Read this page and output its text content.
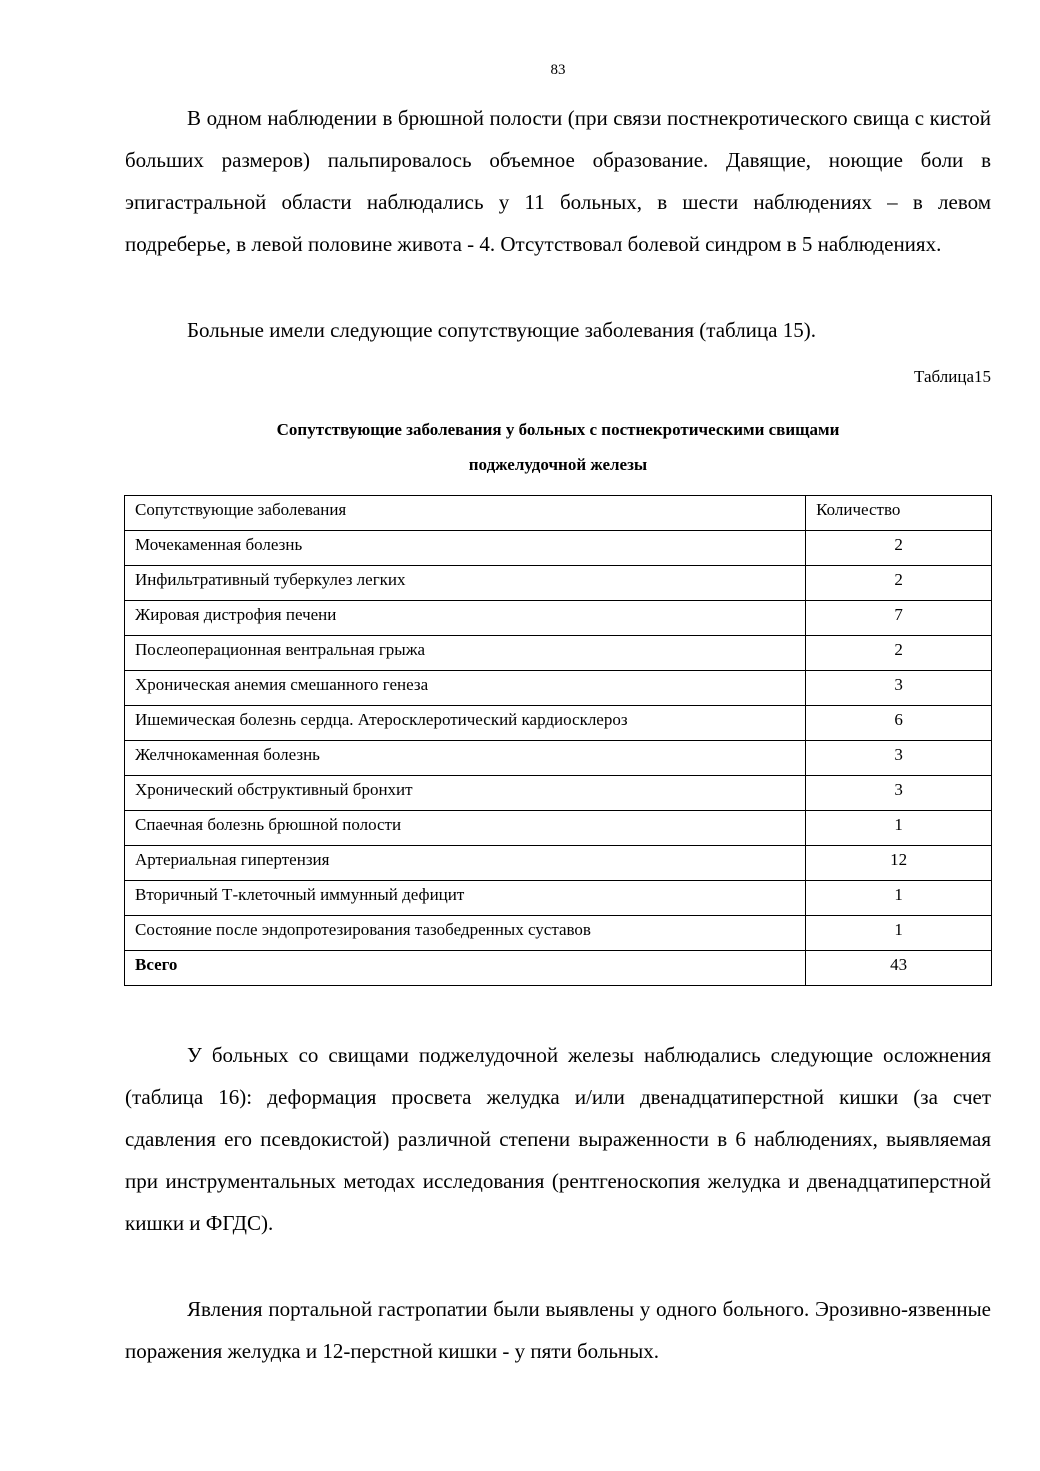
83

В одном наблюдении в брюшной полости (при связи постнекротического свища с кистой больших размеров) пальпировалось объемное образование. Давящие, ноющие боли в эпигастральной области наблюдались у 11 больных, в шести наблюдениях – в левом подреберье, в левой половине живота - 4. Отсутствовал болевой синдром в 5 наблюдениях.

Больные имели следующие сопутствующие заболевания (таблица 15).

Таблица15

Сопутствующие заболевания у больных с постнекротическими свищами
поджелудочной железы

Сопутствующие заболевания	Количество
Мочекаменная болезнь	2
Инфильтративный туберкулез легких	2
Жировая дистрофия печени	7
Послеоперационная вентральная грыжа	2
Хроническая анемия смешанного генеза	3
Ишемическая болезнь сердца. Атеросклеротический кардиосклероз	6
Желчнокаменная болезнь	3
Хронический обструктивный бронхит	3
Спаечная болезнь брюшной полости	1
Артериальная гипертензия	12
Вторичный Т-клеточный иммунный дефицит	1
Состояние после эндопротезирования тазобедренных суставов	1
Всего	43

У больных со свищами поджелудочной железы наблюдались следующие осложнения (таблица 16): деформация просвета желудка и/или двенадцатиперстной кишки (за счет сдавления его псевдокистой) различной степени выраженности в 6 наблюдениях, выявляемая при инструментальных методах исследования (рентгеноскопия желудка и двенадцатиперстной кишки и ФГДС).

Явления портальной гастропатии были выявлены у одного больного. Эрозивно-язвенные поражения желудка и 12-перстной кишки - у пяти больных.
